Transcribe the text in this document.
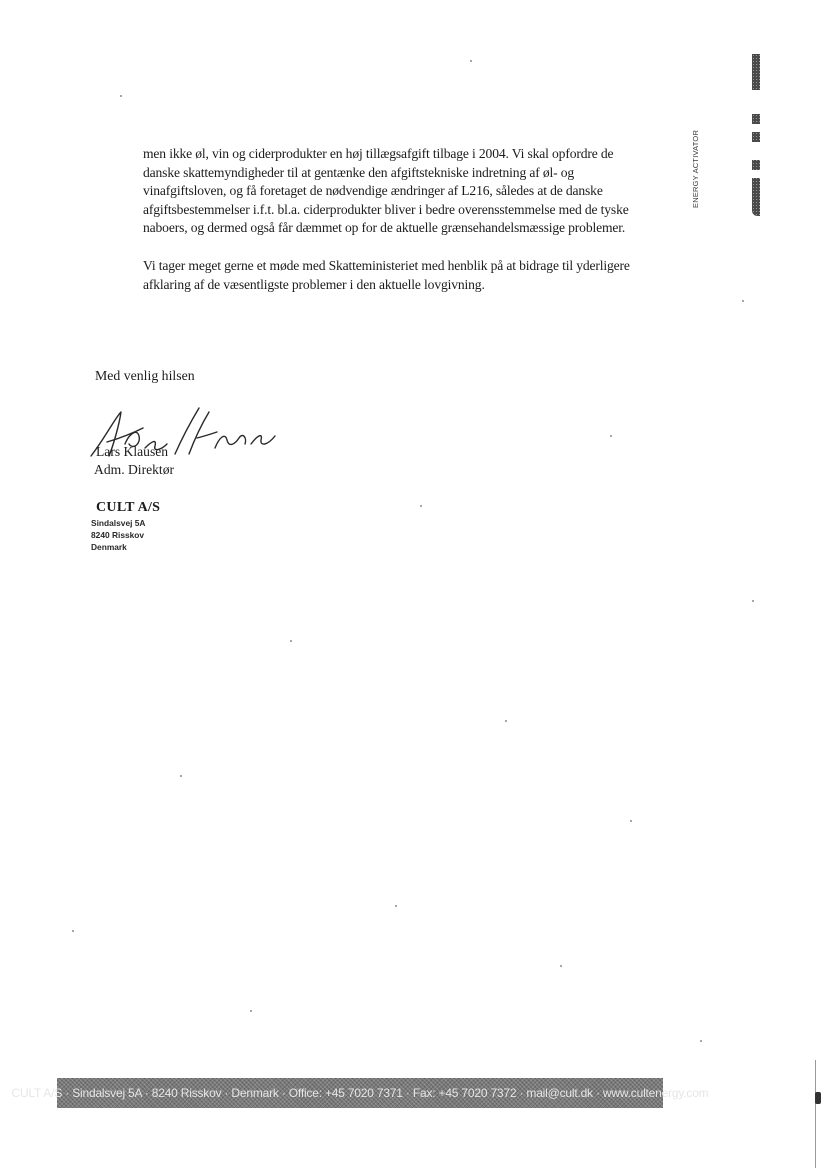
ENERGY ACTIVATOR

men ikke øl, vin og ciderprodukter en høj tillægsafgift tilbage i 2004. Vi skal opfordre de
danske skattemyndigheder til at gentænke den afgiftstekniske indretning af øl- og
vinafgiftsloven, og få foretaget de nødvendige ændringer af L216, således at de danske
afgiftsbestemmelser i.f.t. bl.a. ciderprodukter bliver i bedre overensstemmelse med de tyske
naboers, og dermed også får dæmmet op for de aktuelle grænsehandelsmæssige problemer.

Vi tager meget gerne et møde med Skatteministeriet med henblik på at bidrage til yderligere
afklaring af de væsentligste problemer i den aktuelle lovgivning.

Med venlig hilsen
Lars Klausen
Adm. Direktør
CULT A/S
Sindalsvej 5A
8240 Risskov
Denmark
CULT A/S · Sindalsvej 5A · 8240 Risskov · Denmark · Office: +45 7020 7371 · Fax: +45 7020 7372 · mail@cult.dk · www.cultenergy.com
